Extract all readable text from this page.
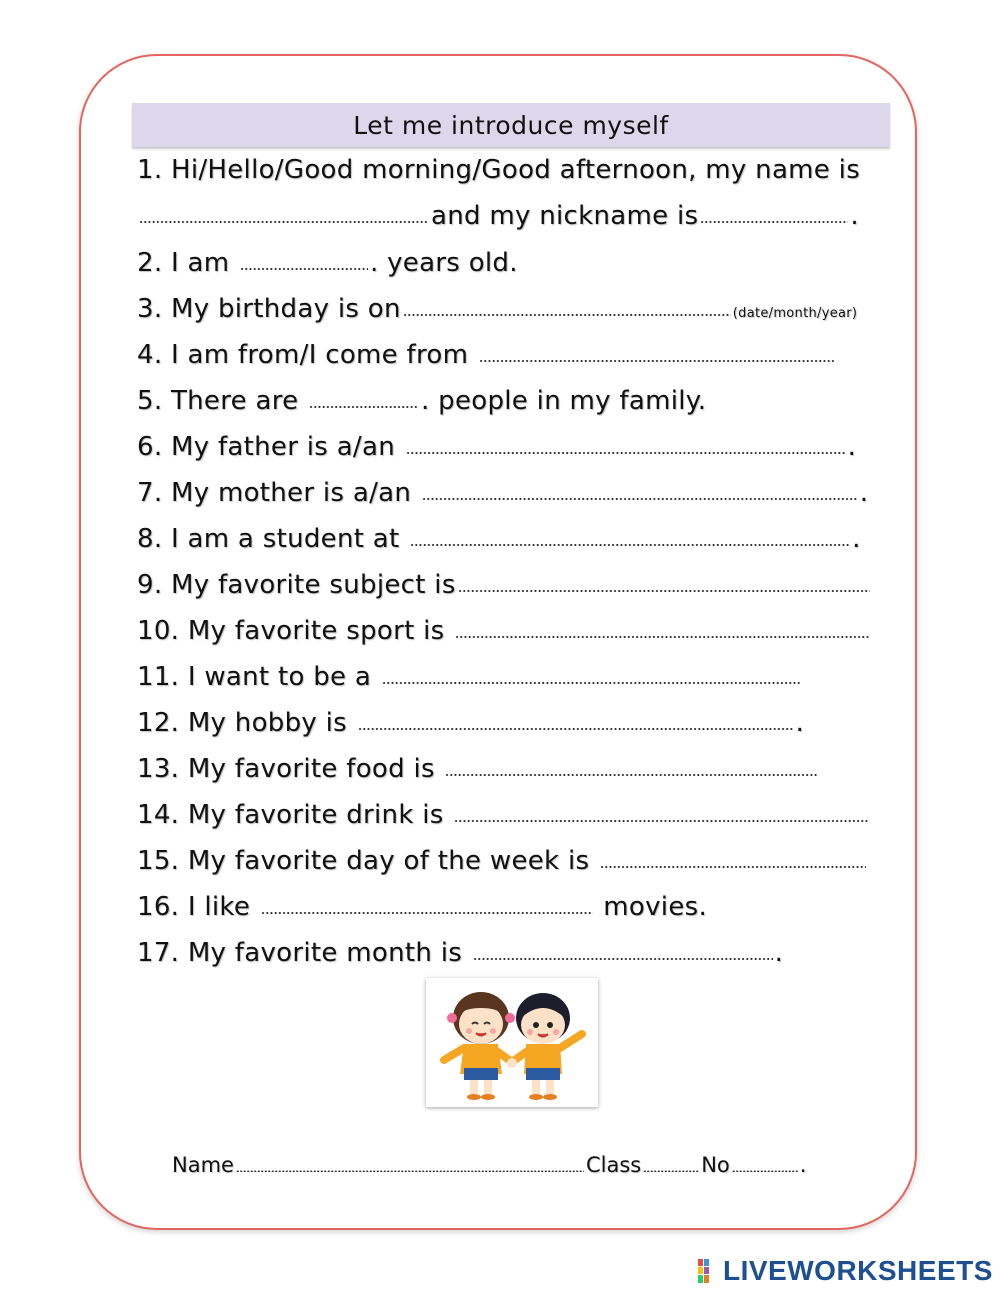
Let me introduce myself
1. Hi/Hello/Good morning/Good afternoon, my name is
and my nickname is	.
2. I am	. years old.
3. My birthday is on	(date/month/year)
4. I am from/I come from
5. There are	. people in my family.
6. My father is a/an	.
7. My mother is a/an	.
8. I am a student at	.
9. My favorite subject is
10. My favorite sport is
11. I want to be a
12. My hobby is	.
13. My favorite food is
14. My favorite drink is
15. My favorite day of the week is
16. I like	movies.
17. My favorite month is	.
Name	Class	No	.
LIVEWORKSHEETS
